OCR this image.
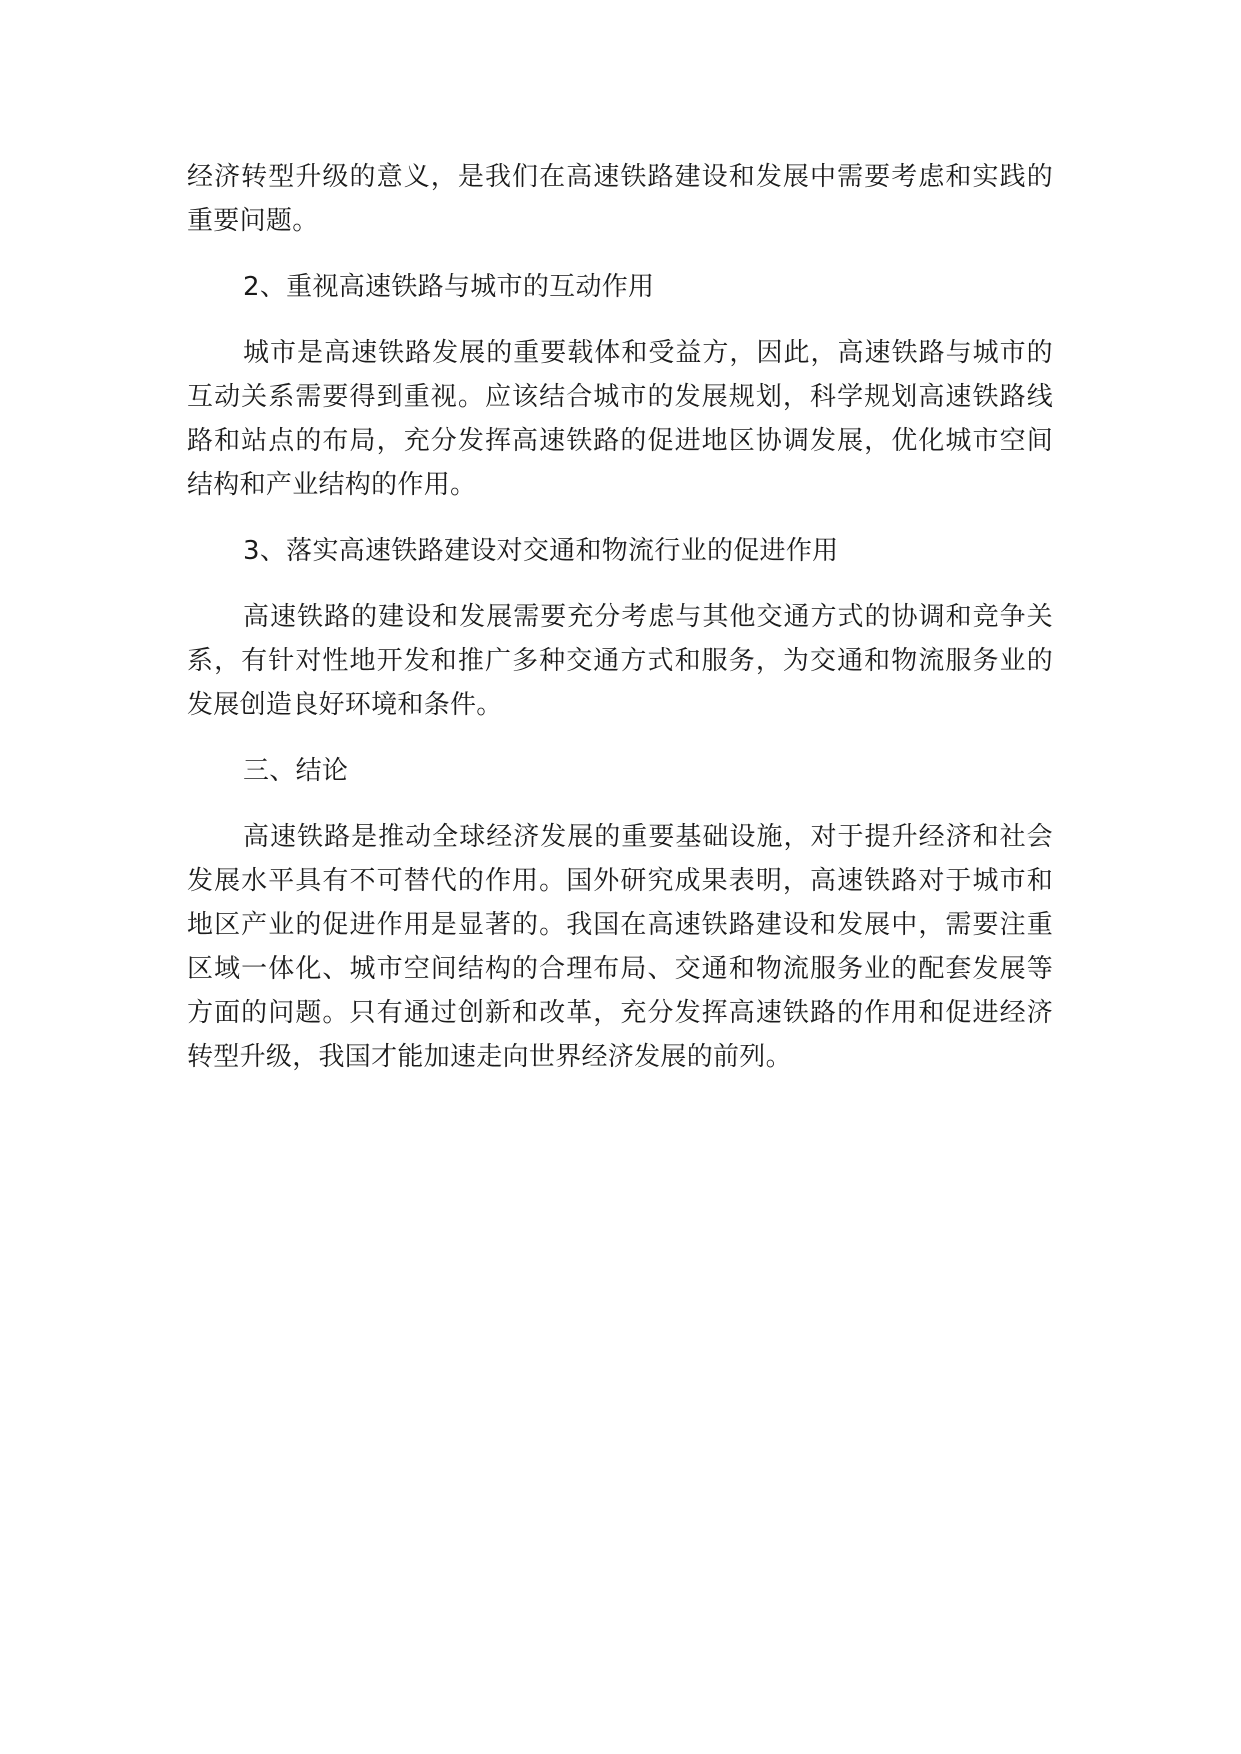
经济转型升级的意义，是我们在高速铁路建设和发展中需要考虑和实践的重要问题。

2、重视高速铁路与城市的互动作用

城市是高速铁路发展的重要载体和受益方，因此，高速铁路与城市的互动关系需要得到重视。应该结合城市的发展规划，科学规划高速铁路线路和站点的布局，充分发挥高速铁路的促进地区协调发展，优化城市空间结构和产业结构的作用。

3、落实高速铁路建设对交通和物流行业的促进作用

高速铁路的建设和发展需要充分考虑与其他交通方式的协调和竞争关系，有针对性地开发和推广多种交通方式和服务，为交通和物流服务业的发展创造良好环境和条件。

三、结论

高速铁路是推动全球经济发展的重要基础设施，对于提升经济和社会发展水平具有不可替代的作用。国外研究成果表明，高速铁路对于城市和地区产业的促进作用是显著的。我国在高速铁路建设和发展中，需要注重区域一体化、城市空间结构的合理布局、交通和物流服务业的配套发展等方面的问题。只有通过创新和改革，充分发挥高速铁路的作用和促进经济转型升级，我国才能加速走向世界经济发展的前列。
